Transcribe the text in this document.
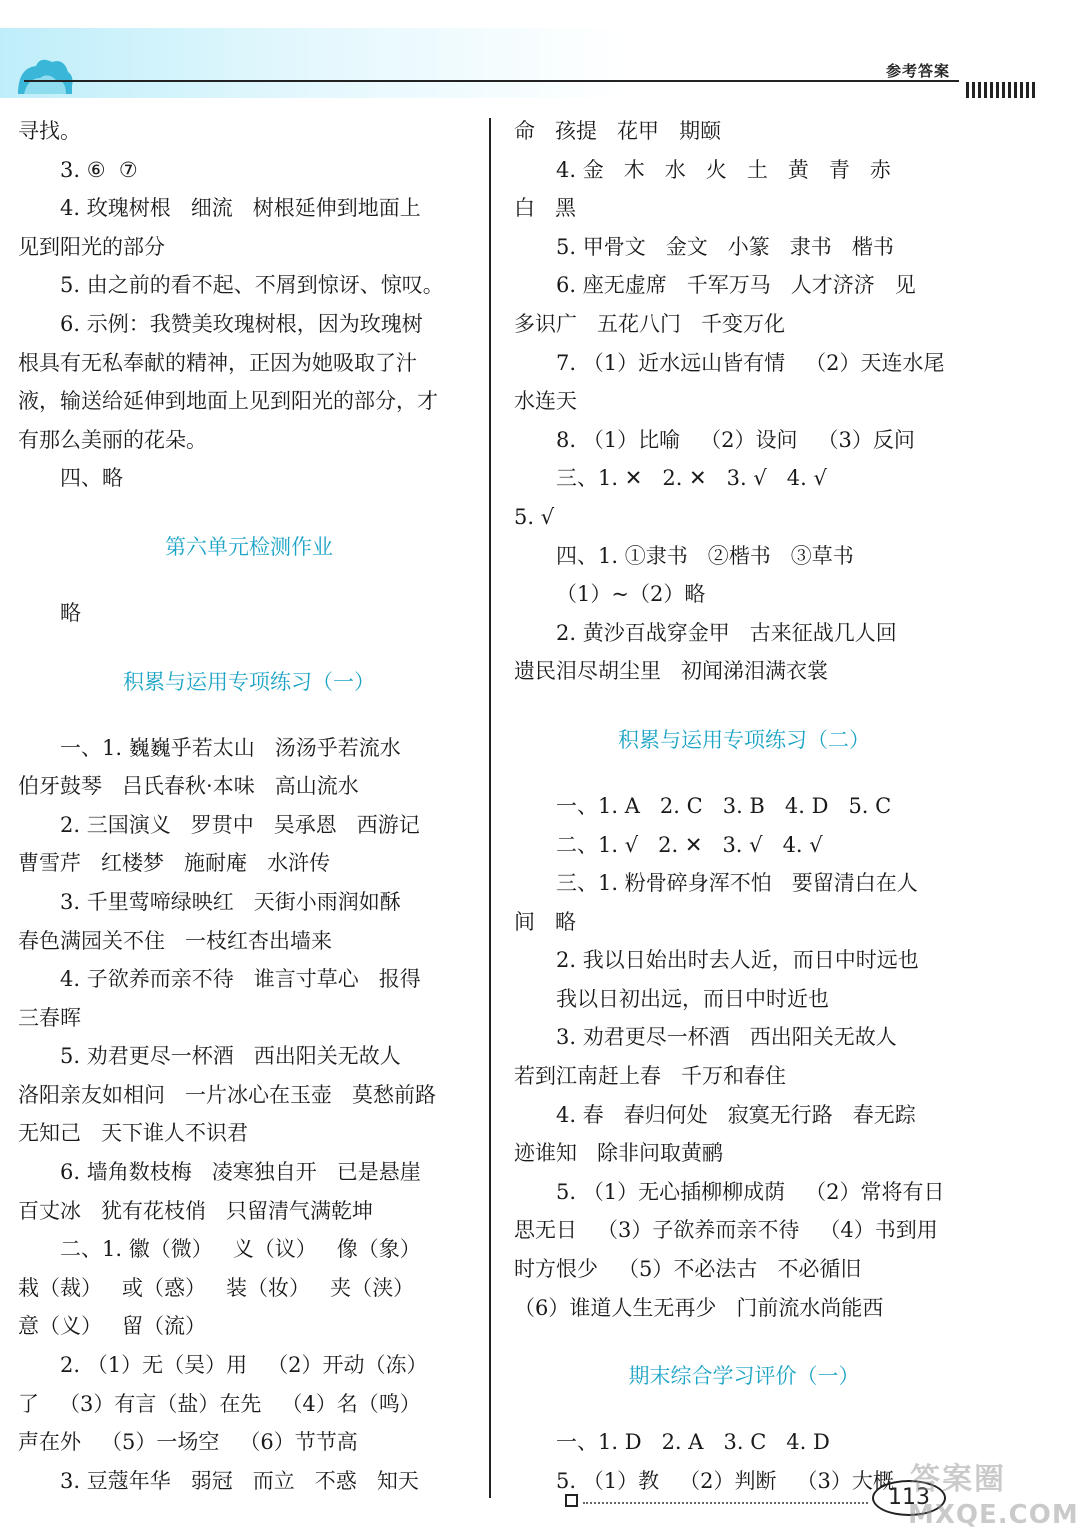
参考答案
寻找。
3. ⑥  ⑦
4. 玫瑰树根   细流   树根延伸到地面上
见到阳光的部分
5. 由之前的看不起、不屑到惊讶、惊叹。
6. 示例：我赞美玫瑰树根，因为玫瑰树
根具有无私奉献的精神，正因为她吸取了汁
液，输送给延伸到地面上见到阳光的部分，才
有那么美丽的花朵。
四、略
第六单元检测作业
略
积累与运用专项练习（一）
一、1. 巍巍乎若太山   汤汤乎若流水
伯牙鼓琴   吕氏春秋·本味   高山流水
2. 三国演义   罗贯中   吴承恩   西游记
曹雪芹   红楼梦   施耐庵   水浒传
3. 千里莺啼绿映红   天街小雨润如酥
春色满园关不住   一枝红杏出墙来
4. 子欲养而亲不待   谁言寸草心   报得
三春晖
5. 劝君更尽一杯酒   西出阳关无故人
洛阳亲友如相问   一片冰心在玉壶   莫愁前路
无知己   天下谁人不识君
6. 墙角数枝梅   凌寒独自开   已是悬崖
百丈冰   犹有花枝俏   只留清气满乾坤
二、1. 徽（微）   义（议）   像（象）
栽（裁）   或（惑）   装（妆）   夹（浃）
意（义）   留（流）
2. （1）无（吴）用   （2）开动（冻）
了   （3）有言（盐）在先   （4）名（鸣）
声在外   （5）一场空   （6）节节高
3. 豆蔻年华   弱冠   而立   不惑   知天
命   孩提   花甲   期颐
4. 金   木   水   火   土   黄   青   赤
白   黑
5. 甲骨文   金文   小篆   隶书   楷书
6. 座无虚席   千军万马   人才济济   见
多识广   五花八门   千变万化
7. （1）近水远山皆有情   （2）天连水尾
水连天
8. （1）比喻   （2）设问   （3）反问
三、1. ✕   2. ✕   3. √   4. √
5. √
四、1. ①隶书   ②楷书   ③草书
（1）~（2）略
2. 黄沙百战穿金甲   古来征战几人回
遗民泪尽胡尘里   初闻涕泪满衣裳
积累与运用专项练习（二）
一、1. A   2. C   3. B   4. D   5. C
二、1. √   2. ✕   3. √   4. √
三、1. 粉骨碎身浑不怕   要留清白在人
间   略
2. 我以日始出时去人近，而日中时远也
我以日初出远，而日中时近也
3. 劝君更尽一杯酒   西出阳关无故人
若到江南赶上春   千万和春住
4. 春   春归何处   寂寞无行路   春无踪
迹谁知   除非问取黄鹂
5. （1）无心插柳柳成荫   （2）常将有日
思无日   （3）子欲养而亲不待   （4）书到用
时方恨少   （5）不必法古   不必循旧
（6）谁道人生无再少   门前流水尚能西
期末综合学习评价（一）
一、1. D   2. A   3. C   4. D
5. （1）教   （2）判断   （3）大概
113
答案圈
MXQE.COM
